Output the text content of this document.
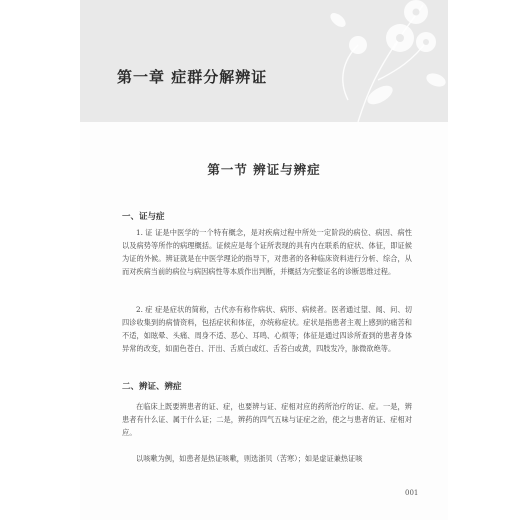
第一章 症群分解辨证
第一节 辨证与辨症
一、证与症
1. 证 证是中医学的一个特有概念，是对疾病过程中所处一定阶段的病位、病因、病性以及病势等所作的病理概括。证候应是每个证所表现的具有内在联系的症状、体征，即证候为证的外候。辨证就是在中医学理论的指导下，对患者的各种临床资料进行分析、综合，从而对疾病当前的病位与病因病性等本质作出判断，并概括为完整证名的诊断思维过程。
2. 症 症是症状的简称，古代亦有称作病状、病形、病候者。医者通过望、闻、问、切四诊收集到的病情资料，包括症状和体征，亦统称症状。症状是指患者主观上感到的痛苦和不适，如眩晕、头痛、周身不适、恶心、耳鸣、心烦等；体征是通过四诊所查到的患者身体异常的改变，如面色苍白、汗出、舌质白或红、舌苔白或黄，四肢发冷，脉微欲绝等。
二、辨证、辨症
在临床上既要辨患者的证、症，也要辨与证、症相对应的药所治疗的证、症。一是，辨患者有什么证、属于什么证；二是，辨药的四气五味与证症之治，使之与患者的证、症相对应。
以咳嗽为例，如患者是热证咳嗽，则选浙贝（苦寒）；如是虚证兼热证咳
001
